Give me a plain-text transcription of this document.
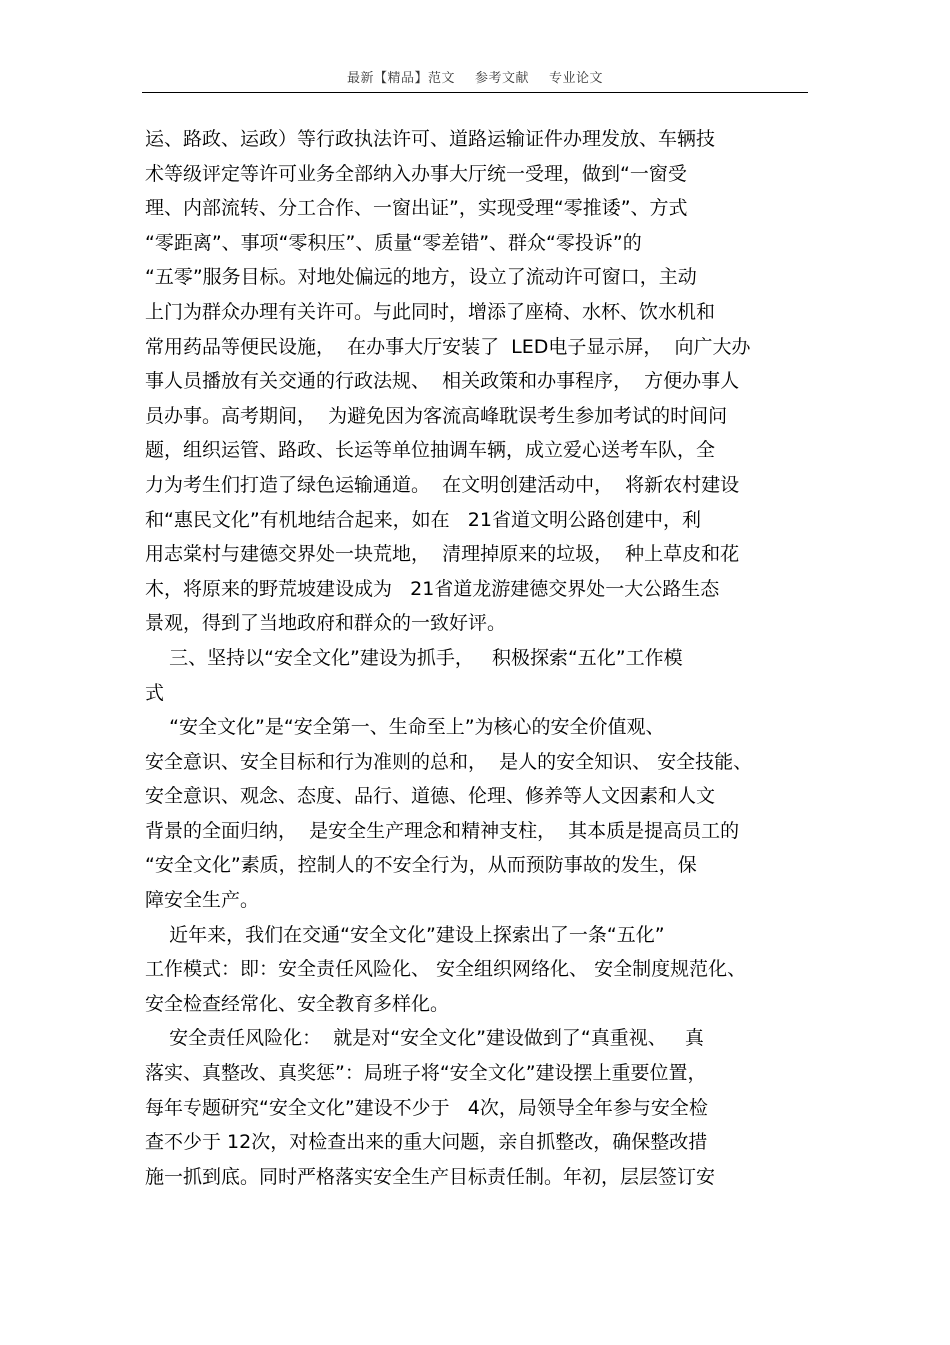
最新【精品】范文 参考文献 专业论文
运、路政、运政）等行政执法许可、道路运输证件办理发放、车辆技
术等级评定等许可业务全部纳入办事大厅统一受理，做到“一窗受
理、内部流转、分工合作、一窗出证”，实现受理“零推诿”、方式
“零距离”、事项“零积压”、质量“零差错”、群众“零投诉”的
“五零”服务目标。对地处偏远的地方，设立了流动许可窗口，主动
上门为群众办理有关许可。与此同时，增添了座椅、水杯、饮水机和
常用药品等便民设施，  在办事大厅安装了  LED电子显示屏，  向广大办
事人员播放有关交通的行政法规、  相关政策和办事程序，  方便办事人
员办事。高考期间，  为避免因为客流高峰耽误考生参加考试的时间问
题，组织运管、路政、长运等单位抽调车辆，成立爱心送考车队，全
力为考生们打造了绿色运输通道。  在文明创建活动中，  将新农村建设
和“惠民文化”有机地结合起来，如在   21省道文明公路创建中，利
用志棠村与建德交界处一块荒地，  清理掉原来的垃圾，  种上草皮和花
木，将原来的野荒坡建设成为   21省道龙游建德交界处一大公路生态
景观，得到了当地政府和群众的一致好评。
三、坚持以“安全文化”建设为抓手，   积极探索“五化”工作模
式
“安全文化”是“安全第一、生命至上”为核心的安全价值观、
安全意识、安全目标和行为准则的总和，  是人的安全知识、 安全技能、
安全意识、观念、态度、品行、道德、伦理、修养等人文因素和人文
背景的全面归纳，  是安全生产理念和精神支柱，  其本质是提高员工的
“安全文化”素质，控制人的不安全行为，从而预防事故的发生，保
障安全生产。
近年来，我们在交通“安全文化”建设上探索出了一条“五化”
工作模式：即：安全责任风险化、 安全组织网络化、 安全制度规范化、
安全检查经常化、安全教育多样化。
安全责任风险化：  就是对“安全文化”建设做到了“真重视、   真
落实、真整改、真奖惩”：局班子将“安全文化”建设摆上重要位置，
每年专题研究“安全文化”建设不少于   4次，局领导全年参与安全检
查不少于 12次，对检查出来的重大问题，亲自抓整改，确保整改措
施一抓到底。同时严格落实安全生产目标责任制。年初，层层签订安
